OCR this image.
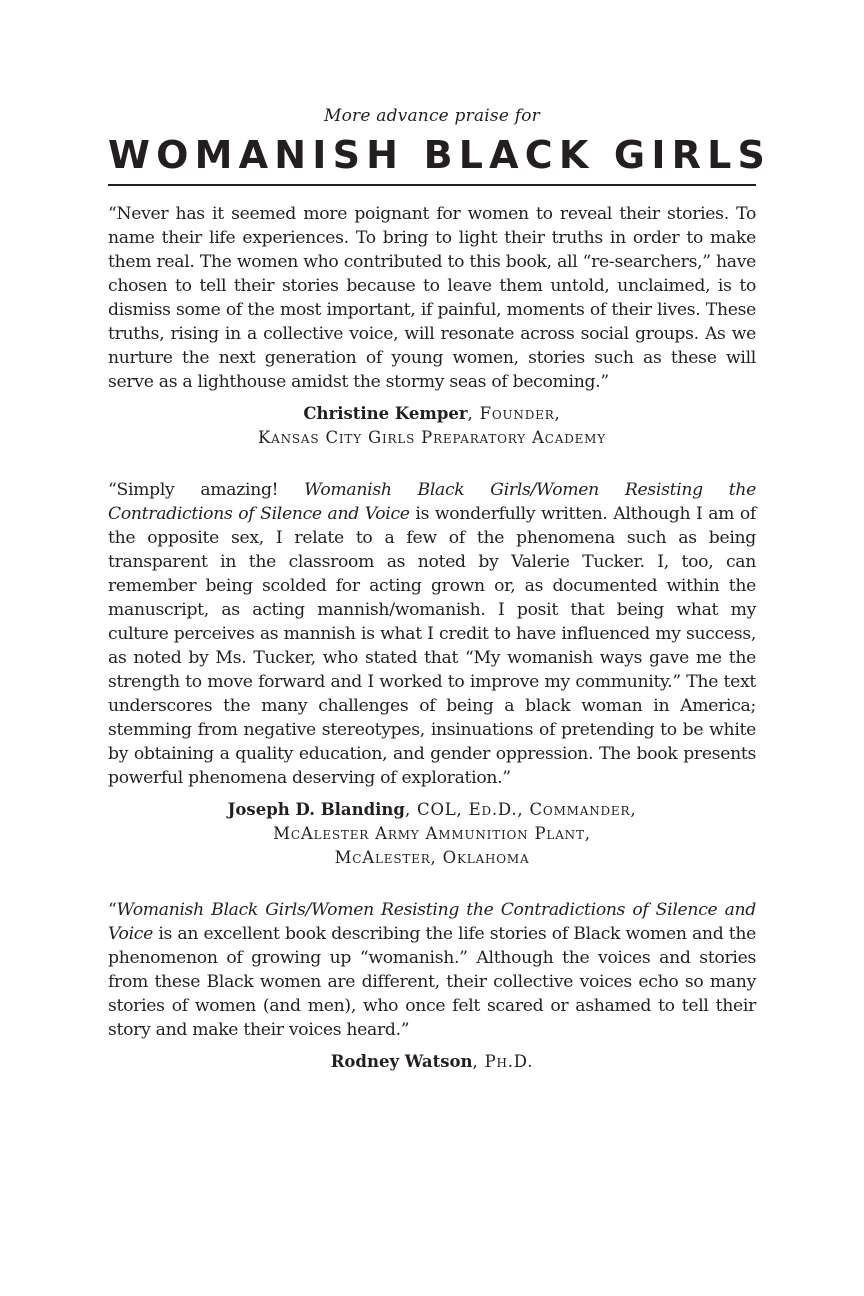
More advance praise for
WOMANISH BLACK GIRLS

“Never has it seemed more poignant for women to reveal their stories. To name their life experiences. To bring to light their truths in order to make them real. The women who contributed to this book, all “re-searchers,” have chosen to tell their stories because to leave them untold, unclaimed, is to dismiss some of the most important, if painful, moments of their lives. These truths, rising in a collective voice, will resonate across social groups. As we nurture the next generation of young women, stories such as these will serve as a lighthouse amidst the stormy seas of becoming.”

Christine Kemper, Founder,
Kansas City Girls Preparatory Academy

“Simply amazing! Womanish Black Girls/Women Resisting the Contradictions of Silence and Voice is wonderfully written. Although I am of the opposite sex, I relate to a few of the phenomena such as being transparent in the classroom as noted by Valerie Tucker. I, too, can remember being scolded for acting grown or, as documented within the manuscript, as acting mannish/womanish. I posit that being what my culture perceives as mannish is what I credit to have influenced my success, as noted by Ms. Tucker, who stated that “My womanish ways gave me the strength to move forward and I worked to improve my community.” The text underscores the many challenges of being a black woman in America; stemming from negative stereotypes, insinuations of pretending to be white by obtaining a quality education, and gender oppression. The book presents powerful phenomena deserving of exploration.”

Joseph D. Blanding, COL, Ed.D., Commander,
McAlester Army Ammunition Plant,
McAlester, Oklahoma

“Womanish Black Girls/Women Resisting the Contradictions of Silence and Voice is an excellent book describing the life stories of Black women and the phenomenon of growing up “womanish.” Although the voices and stories from these Black women are different, their collective voices echo so many stories of women (and men), who once felt scared or ashamed to tell their story and make their voices heard.”

Rodney Watson, Ph.D.
